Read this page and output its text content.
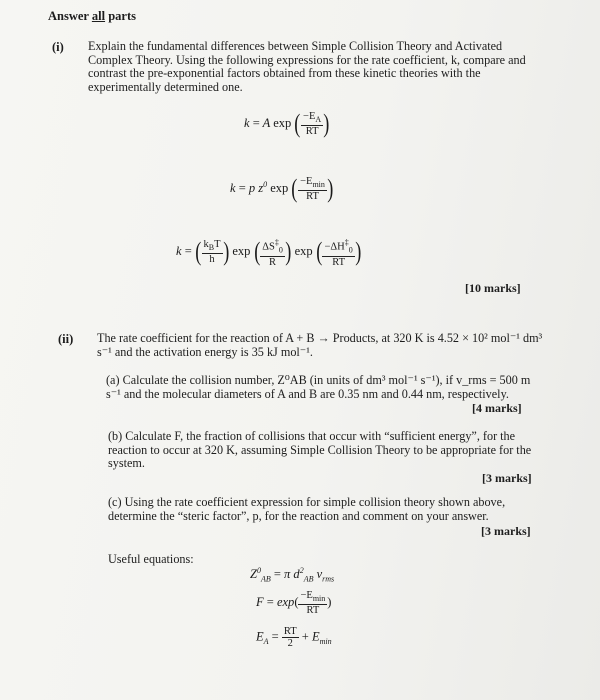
Answer all parts
(i) Explain the fundamental differences between Simple Collision Theory and Activated Complex Theory. Using the following expressions for the rate coefficient, k, compare and contrast the pre-exponential factors obtained from these kinetic theories with the experimentally determined one.
k = A exp ( $\frac{-E_A}{RT}$ )
k = p $z^0$ exp ( $\frac{-E_{min}}{RT}$ )
k = ( $\frac{k_BT}{h}$ ) exp ( $\frac{\Delta S^\ddagger_0}{R}$ ) exp ( $\frac{-\Delta H^\ddagger_0}{RT}$ )
[10 marks]
(ii) The rate coefficient for the reaction of A + B → Products, at 320 K is 4.52 × 10² mol⁻¹ dm³ s⁻¹ and the activation energy is 35 kJ mol⁻¹.
(a) Calculate the collision number, Z⁰AB (in units of dm³ mol⁻¹ s⁻¹), if v_rms = 500 m s⁻¹ and the molecular diameters of A and B are 0.35 nm and 0.44 nm, respectively.
[4 marks]
(b) Calculate F, the fraction of collisions that occur with “sufficient energy”, for the reaction to occur at 320 K, assuming Simple Collision Theory to be appropriate for the system.
[3 marks]
(c) Using the rate coefficient expression for simple collision theory shown above, determine the “steric factor”, p, for the reaction and comment on your answer.
[3 marks]
Useful equations:
$Z^0_{AB} = \pi$ $d^2_{AB}$ $v_{rms}$
$F = \exp( \frac{-E_{min}}{RT}$ )
$E_A = \frac{RT}{2} + E_{min}$
